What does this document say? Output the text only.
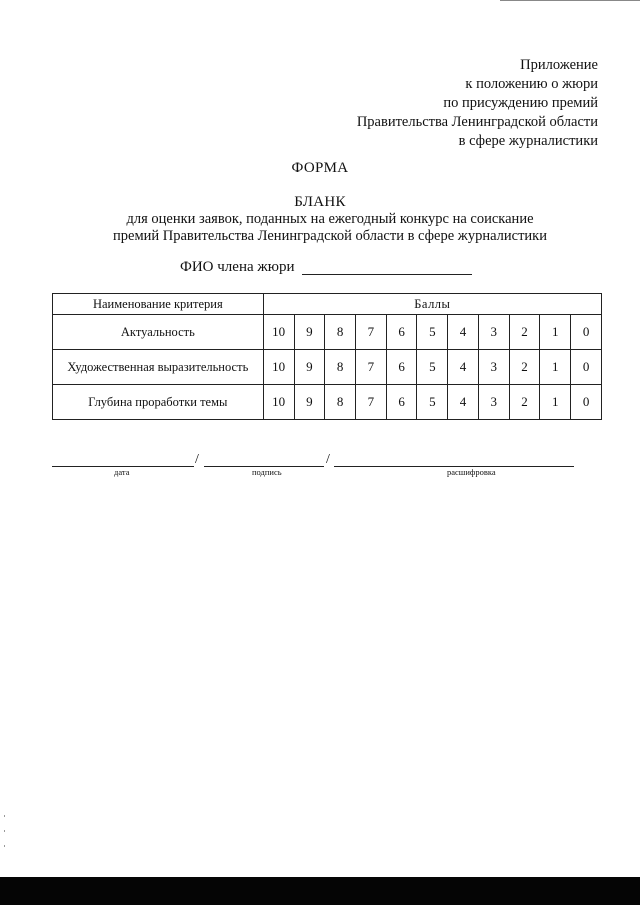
Приложение
к положению о жюри
по присуждению премий
Правительства Ленинградской области
в сфере журналистики
ФОРМА
БЛАНК
для оценки заявок, поданных на ежегодный конкурс на соискание
премий Правительства Ленинградской области в сфере журналистики
ФИО члена жюри
Наименование критерия	Баллы										
Актуальность	10	9	8	7	6	5	4	3	2	1	0
Художественная выразительность	10	9	8	7	6	5	4	3	2	1	0
Глубина проработки темы	10	9	8	7	6	5	4	3	2	1	0
/	/
дата	подпись	расшифровка
